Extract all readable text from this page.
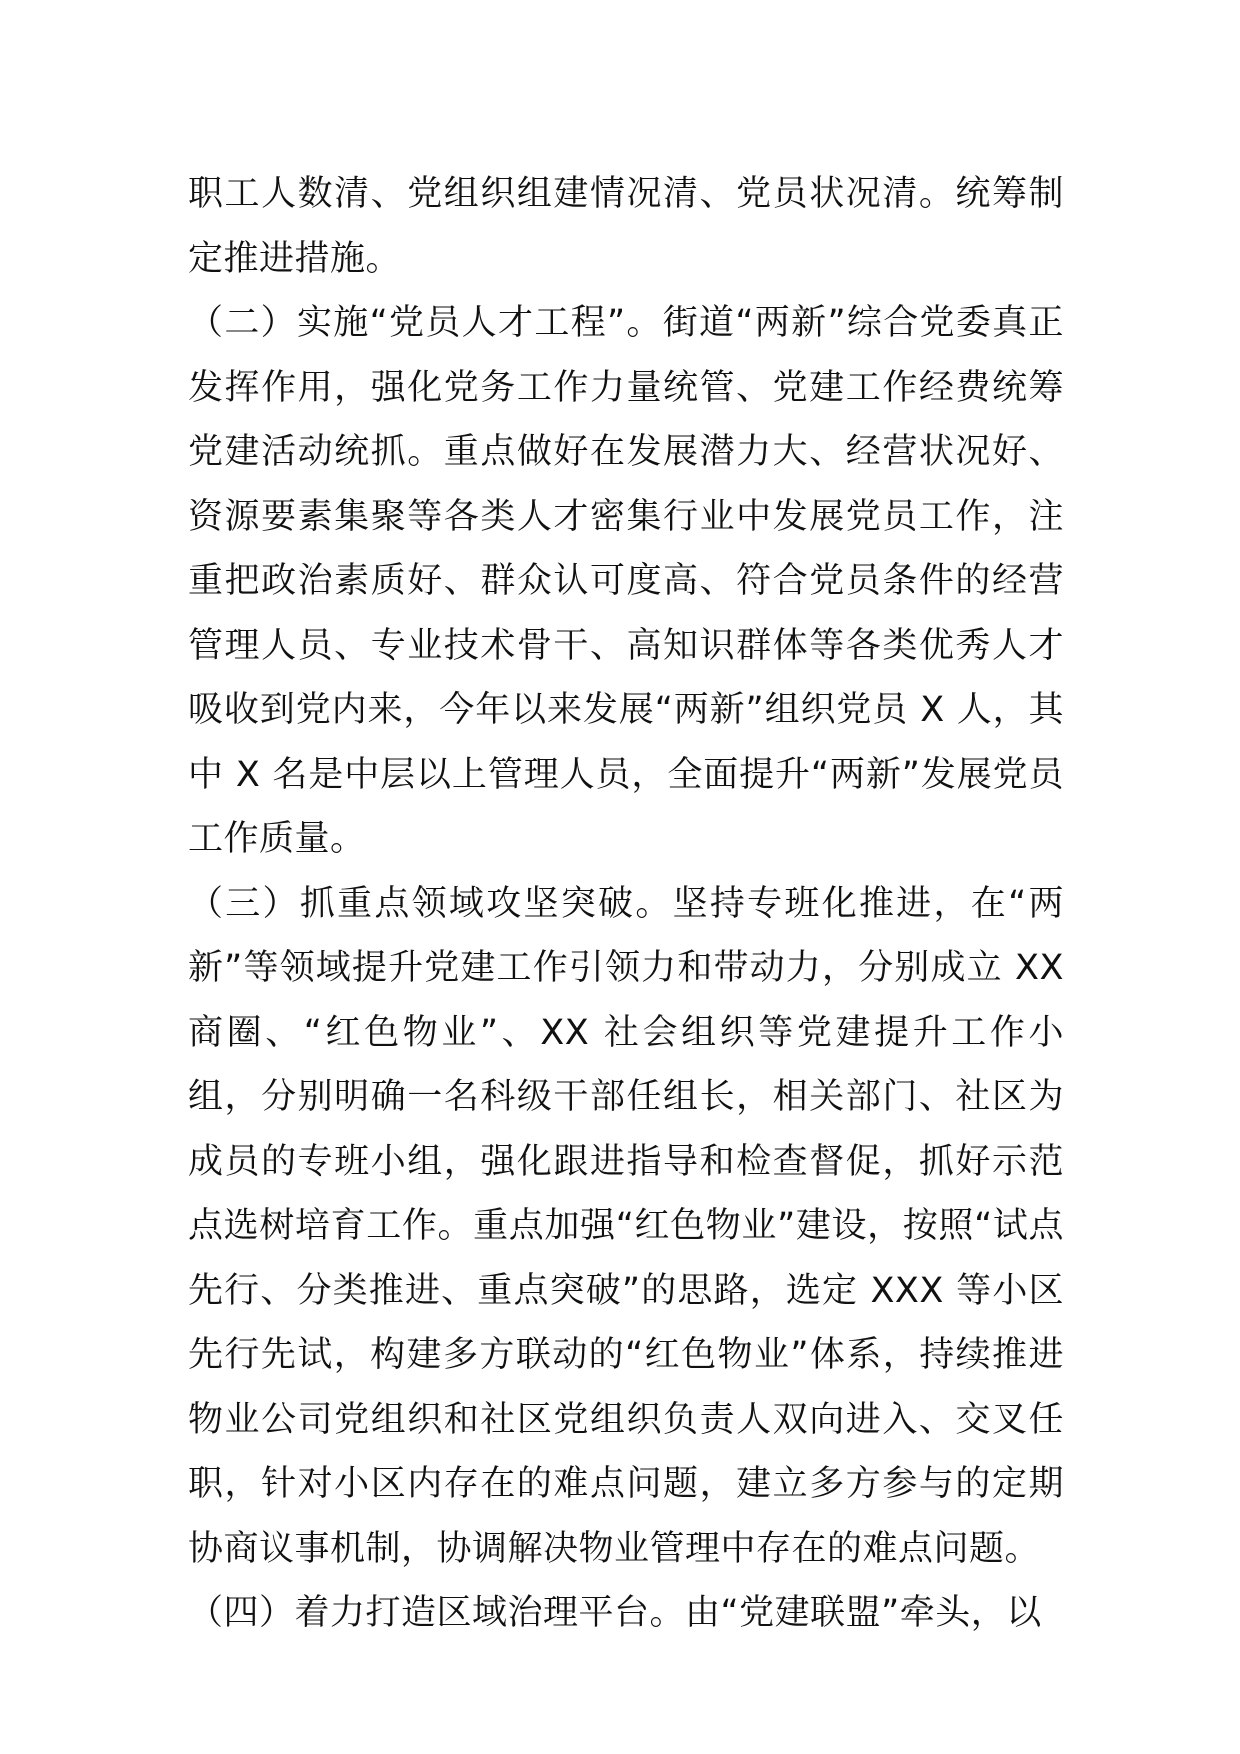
职工人数清、党组织组建情况清、党员状况清。统筹制定推进措施。

（二）实施“党员人才工程”。街道“两新”综合党委真正发挥作用，强化党务工作力量统管、党建工作经费统筹党建活动统抓。重点做好在发展潜力大、经营状况好、资源要素集聚等各类人才密集行业中发展党员工作，注重把政治素质好、群众认可度高、符合党员条件的经营管理人员、专业技术骨干、高知识群体等各类优秀人才吸收到党内来，今年以来发展“两新”组织党员 X 人，其中 X 名是中层以上管理人员，全面提升“两新”发展党员工作质量。

（三）抓重点领域攻坚突破。坚持专班化推进，在“两新”等领域提升党建工作引领力和带动力，分别成立 XX 商圈、“红色物业”、XX 社会组织等党建提升工作小组，分别明确一名科级干部任组长，相关部门、社区为成员的专班小组，强化跟进指导和检查督促，抓好示范点选树培育工作。重点加强“红色物业”建设，按照“试点先行、分类推进、重点突破”的思路，选定 XXX 等小区先行先试，构建多方联动的“红色物业”体系，持续推进物业公司党组织和社区党组织负责人双向进入、交叉任职，针对小区内存在的难点问题，建立多方参与的定期协商议事机制，协调解决物业管理中存在的难点问题。

（四）着力打造区域治理平台。由“党建联盟”牵头，以
